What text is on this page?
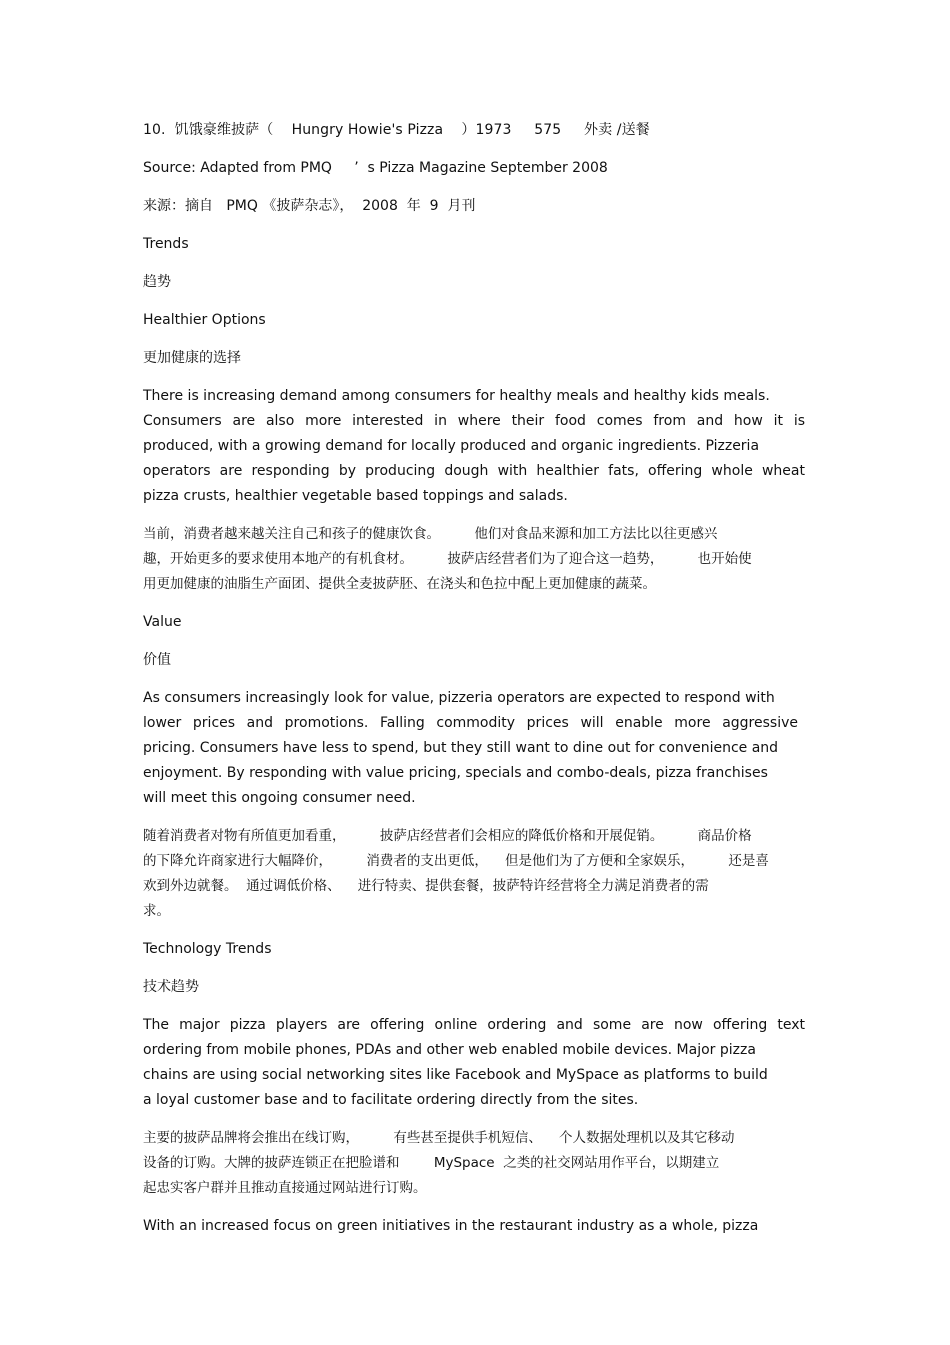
10.  饥饿豪维披萨（    Hungry Howie's Pizza    ）1973     575     外卖 /送餐
Source: Adapted from PMQ     ’  s Pizza Magazine September 2008
来源：摘自   PMQ 《披萨杂志》，  2008  年  9  月刊
Trends
趋势
Healthier Options
更加健康的选择
There is increasing demand among consumers for healthy meals and healthy kids meals.
Consumers are also more interested in where their food comes from and how it is
produced, with a growing demand for locally produced and organic ingredients. Pizzeria
operators are responding by producing dough with healthier fats, offering whole wheat
pizza crusts, healthier vegetable based toppings and salads.
当前，消费者越来越关注自己和孩子的健康饮食。        他们对食品来源和加工方法比以往更感兴
趣，开始更多的要求使用本地产的有机食材。        披萨店经营者们为了迎合这一趋势，        也开始使
用更加健康的油脂生产面团、提供全麦披萨胚、在浇头和色拉中配上更加健康的蔬菜。
Value
价值
As consumers increasingly look for value, pizzeria operators are expected to respond with
lower prices and promotions. Falling commodity prices will enable more aggressive
pricing. Consumers have less to spend, but they still want to dine out for convenience and
enjoyment. By responding with value pricing, specials and combo-deals, pizza franchises
will meet this ongoing consumer need.
随着消费者对物有所值更加看重，        披萨店经营者们会相应的降低价格和开展促销。        商品价格
的下降允许商家进行大幅降价，        消费者的支出更低，    但是他们为了方便和全家娱乐，        还是喜
欢到外边就餐。  通过调低价格、    进行特卖、提供套餐，披萨特许经营将全力满足消费者的需
求。
Technology Trends
技术趋势
The major pizza players are offering online ordering and some are now offering text
ordering from mobile phones, PDAs and other web enabled mobile devices. Major pizza
chains are using social networking sites like Facebook and MySpace as platforms to build
a loyal customer base and to facilitate ordering directly from the sites.
主要的披萨品牌将会推出在线订购，        有些甚至提供手机短信、    个人数据处理机以及其它移动
设备的订购。大牌的披萨连锁正在把脸谱和        MySpace  之类的社交网站用作平台，以期建立
起忠实客户群并且推动直接通过网站进行订购。
With an increased focus on green initiatives in the restaurant industry as a whole, pizza
